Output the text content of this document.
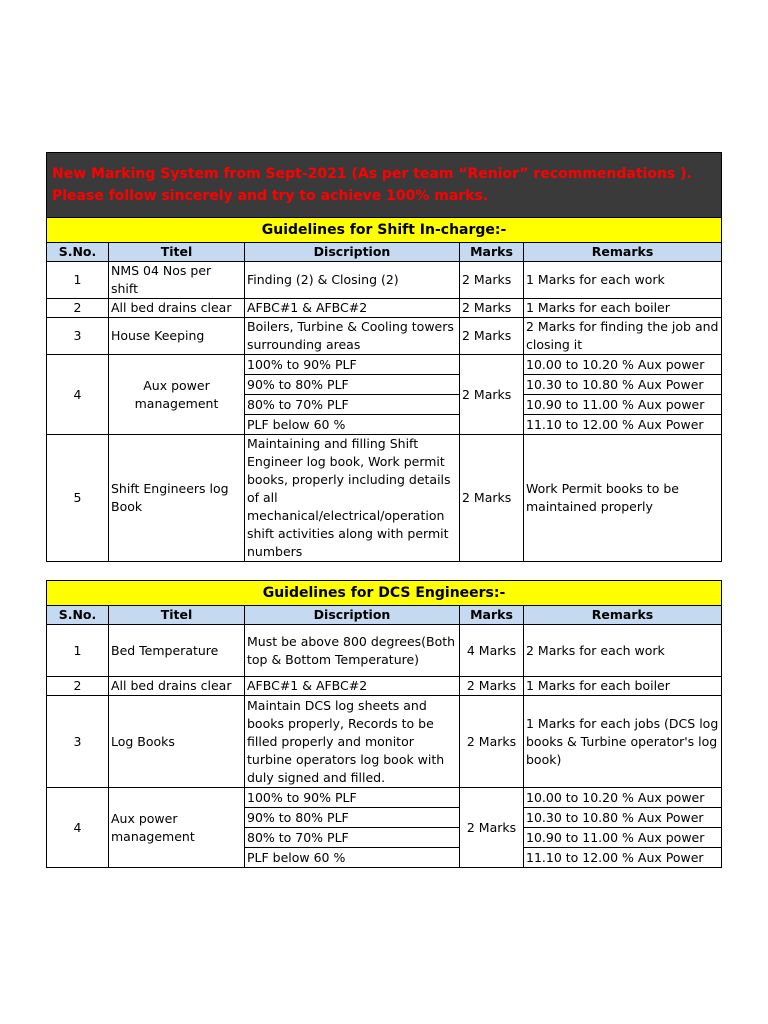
New Marking System from Sept-2021 (As per team “Renior” recommendations ). Please follow sincerely and try to achieve 100% marks.				
Guidelines for Shift In-charge:-				
S.No.	Titel	Discription	Marks	Remarks
1	NMS 04 Nos per shift	Finding (2) & Closing (2)	2 Marks	1 Marks for each work
2	All bed drains clear	AFBC#1 & AFBC#2	2 Marks	1 Marks for each boiler
3	House Keeping	Boilers, Turbine & Cooling towers surrounding areas	2 Marks	2 Marks for finding the job and closing it
4	Aux power management	100% to 90% PLF	2 Marks	10.00 to 10.20 % Aux power
		90% to 80% PLF		10.30 to 10.80 % Aux Power
		80% to 70% PLF		10.90 to 11.00 % Aux power
		PLF below 60 %		11.10 to 12.00 % Aux Power
5	Shift Engineers log Book	Maintaining and filling Shift Engineer log book, Work permit books, properly including details of all mechanical/electrical/operation shift activities along with permit numbers	2 Marks	Work Permit books to be maintained properly
Guidelines for DCS Engineers:-				
S.No.	Titel	Discription	Marks	Remarks
1	Bed Temperature	Must be above 800 degrees(Both top & Bottom Temperature)	4 Marks	2 Marks for each work
2	All bed drains clear	AFBC#1 & AFBC#2	2 Marks	1 Marks for each boiler
3	Log Books	Maintain DCS log sheets and books properly, Records to be filled properly and monitor turbine operators log book with duly signed and filled.	2 Marks	1 Marks for each jobs (DCS log books & Turbine operator's log book)
4	Aux power management	100% to 90% PLF	2 Marks	10.00 to 10.20 % Aux power
		90% to 80% PLF		10.30 to 10.80 % Aux Power
		80% to 70% PLF		10.90 to 11.00 % Aux power
		PLF below 60 %		11.10 to 12.00 % Aux Power
